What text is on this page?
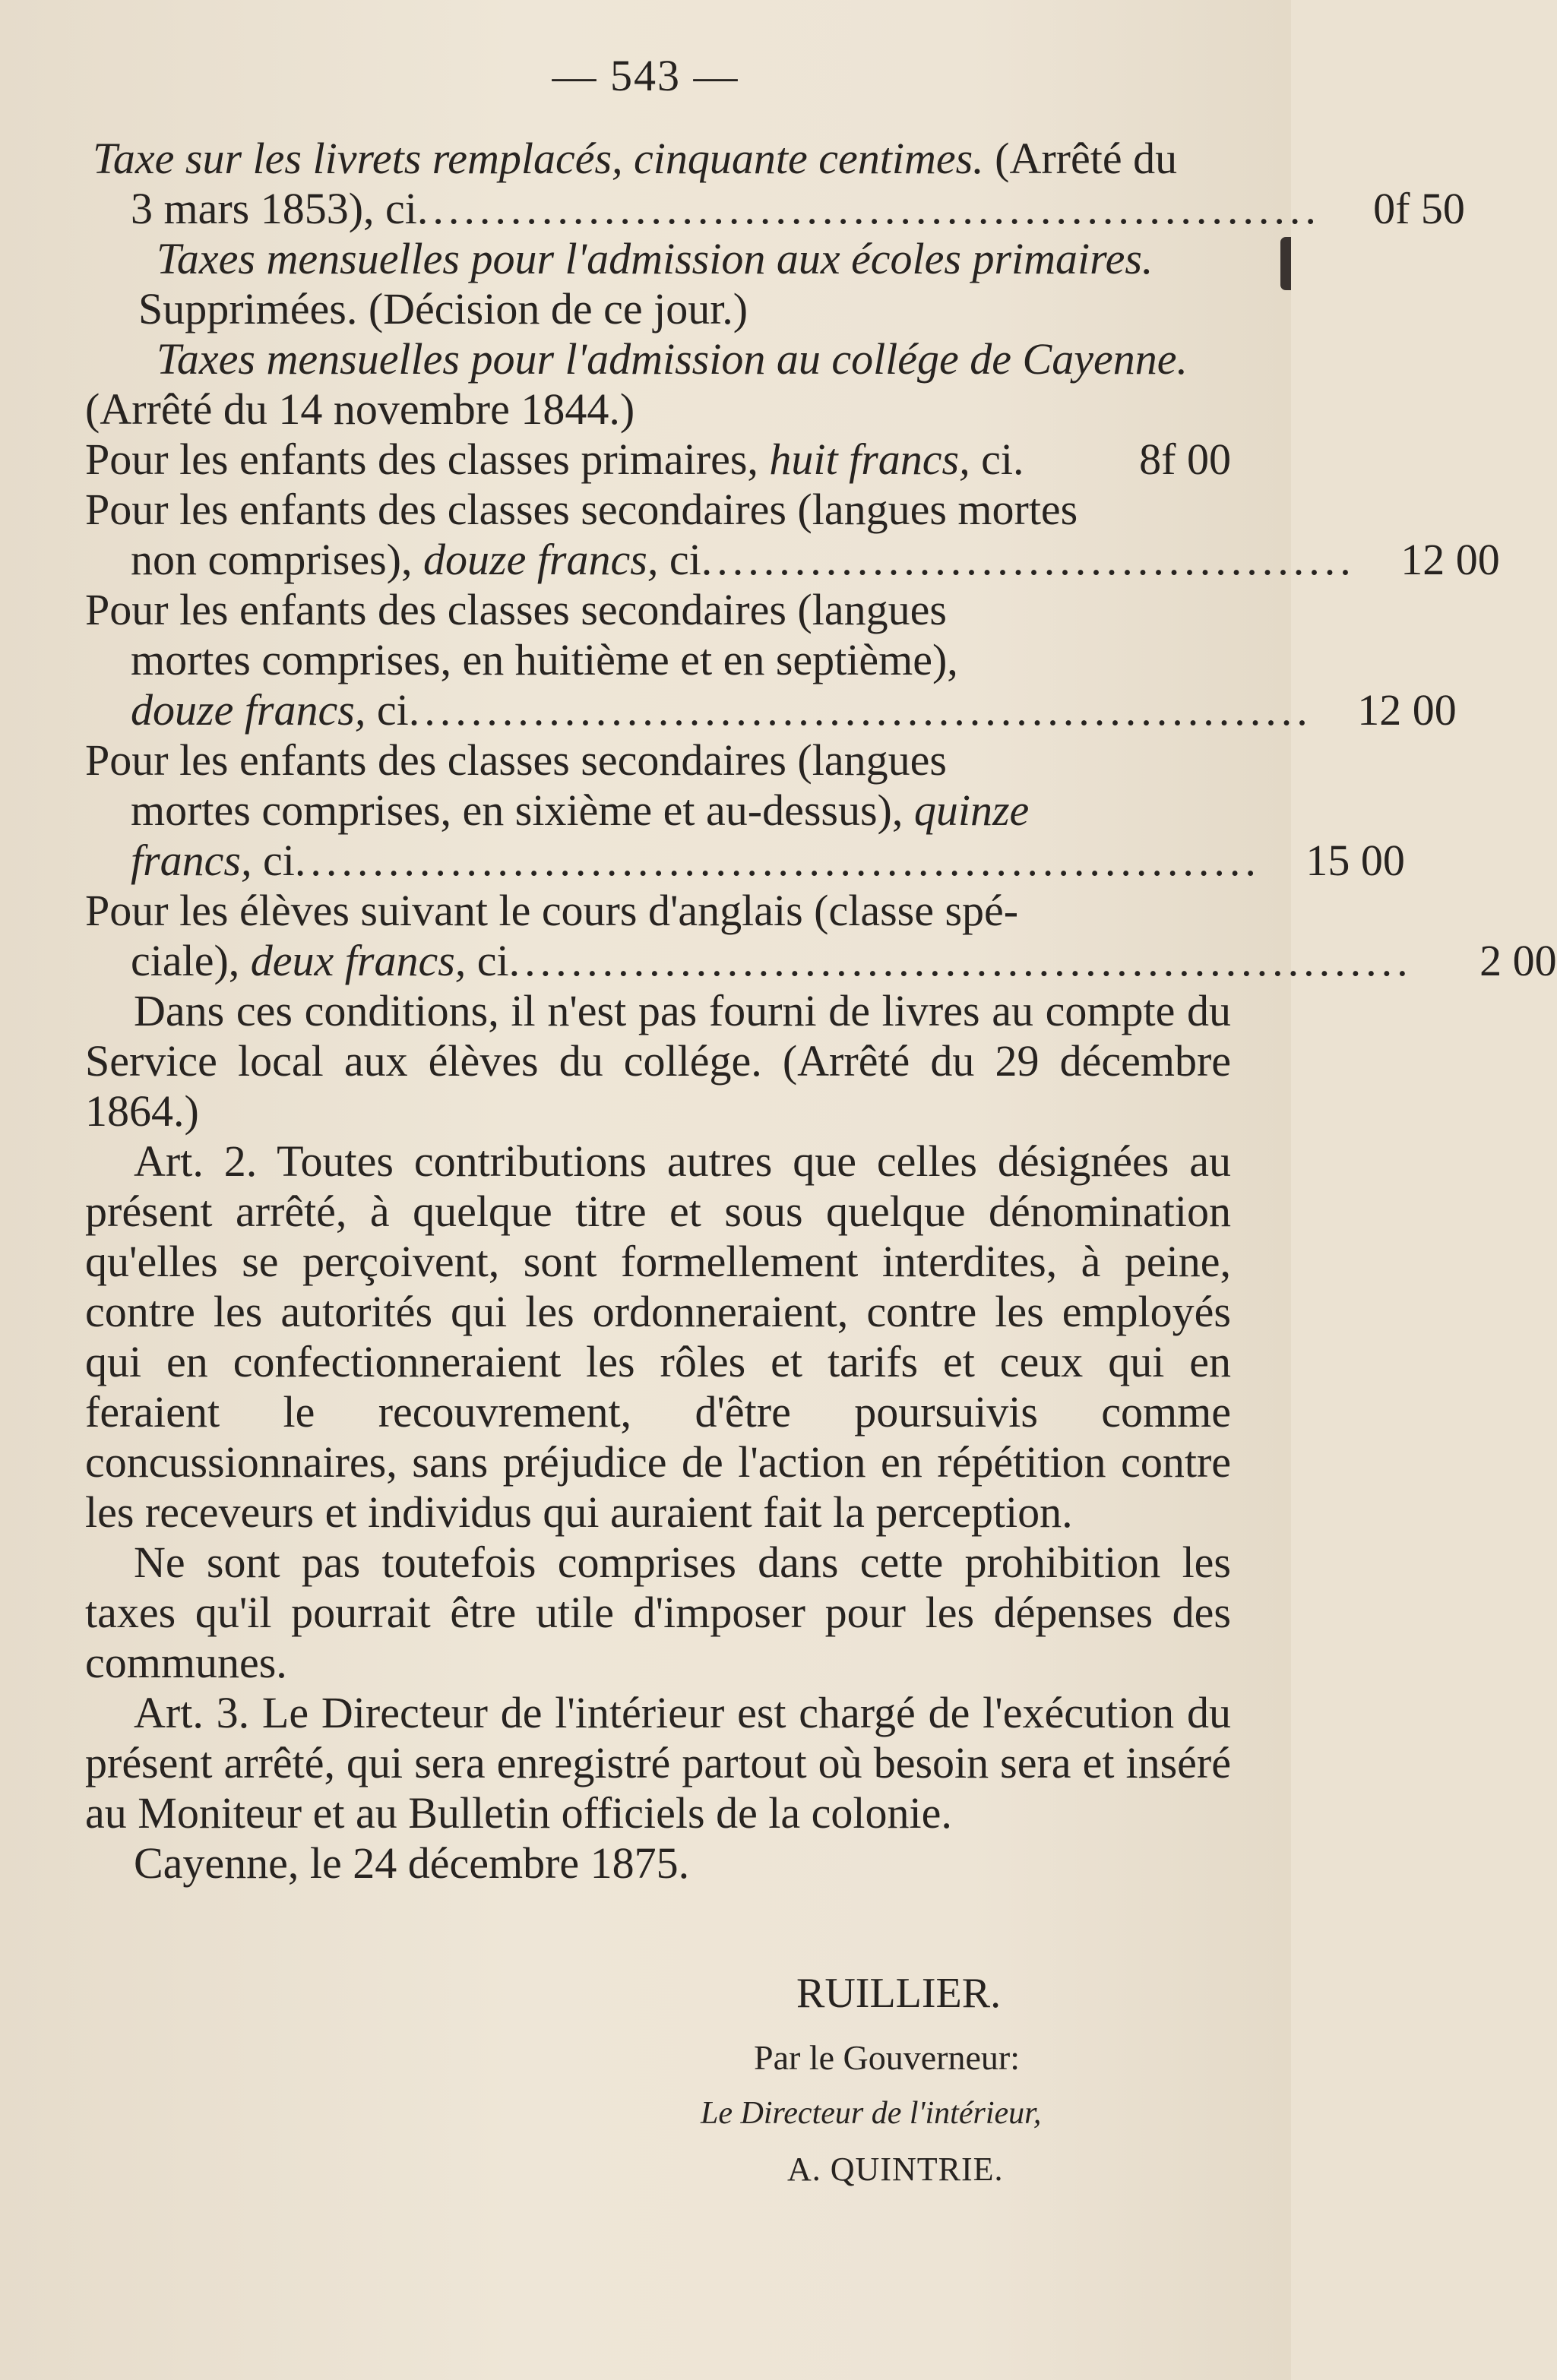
— 543 —
Taxe sur les livrets remplacés, cinquante centimes. (Arrêté du
3 mars 1853), ci..........................................................	0f 50
Taxes mensuelles pour l'admission aux écoles primaires.
Supprimées. (Décision de ce jour.)
Taxes mensuelles pour l'admission au collége de Cayenne.
(Arrêté du 14 novembre 1844.)
Pour les enfants des classes primaires, huit francs, ci.	8f 00
Pour les enfants des classes secondaires (langues mortes
non comprises), douze francs, ci..........................................	12 00
Pour les enfants des classes secondaires (langues
mortes comprises, en huitième et en septième),
douze francs, ci..........................................................	12 00
Pour les enfants des classes secondaires (langues
mortes comprises, en sixième et au-dessus), quinze
francs, ci..............................................................	15 00
Pour les élèves suivant le cours d'anglais (classe spé-
ciale), deux francs, ci..........................................................	2 00

Dans ces conditions, il n'est pas fourni de livres au compte du Service local aux élèves du collége. (Arrêté du 29 décembre 1864.)

Art. 2. Toutes contributions autres que celles désignées au présent arrêté, à quelque titre et sous quelque dénomination qu'elles se perçoivent, sont formellement interdites, à peine, contre les autorités qui les ordonneraient, contre les employés qui en confectionneraient les rôles et tarifs et ceux qui en feraient le recouvrement, d'être poursuivis comme concussionnaires, sans préjudice de l'action en répétition contre les receveurs et individus qui auraient fait la perception.

Ne sont pas toutefois comprises dans cette prohibition les taxes qu'il pourrait être utile d'imposer pour les dépenses des communes.

Art. 3. Le Directeur de l'intérieur est chargé de l'exécution du présent arrêté, qui sera enregistré partout où besoin sera et inséré au Moniteur et au Bulletin officiels de la colonie.

Cayenne, le 24 décembre 1875.

RUILLIER.
Par le Gouverneur:
Le Directeur de l'intérieur,
A. QUINTRIE.
